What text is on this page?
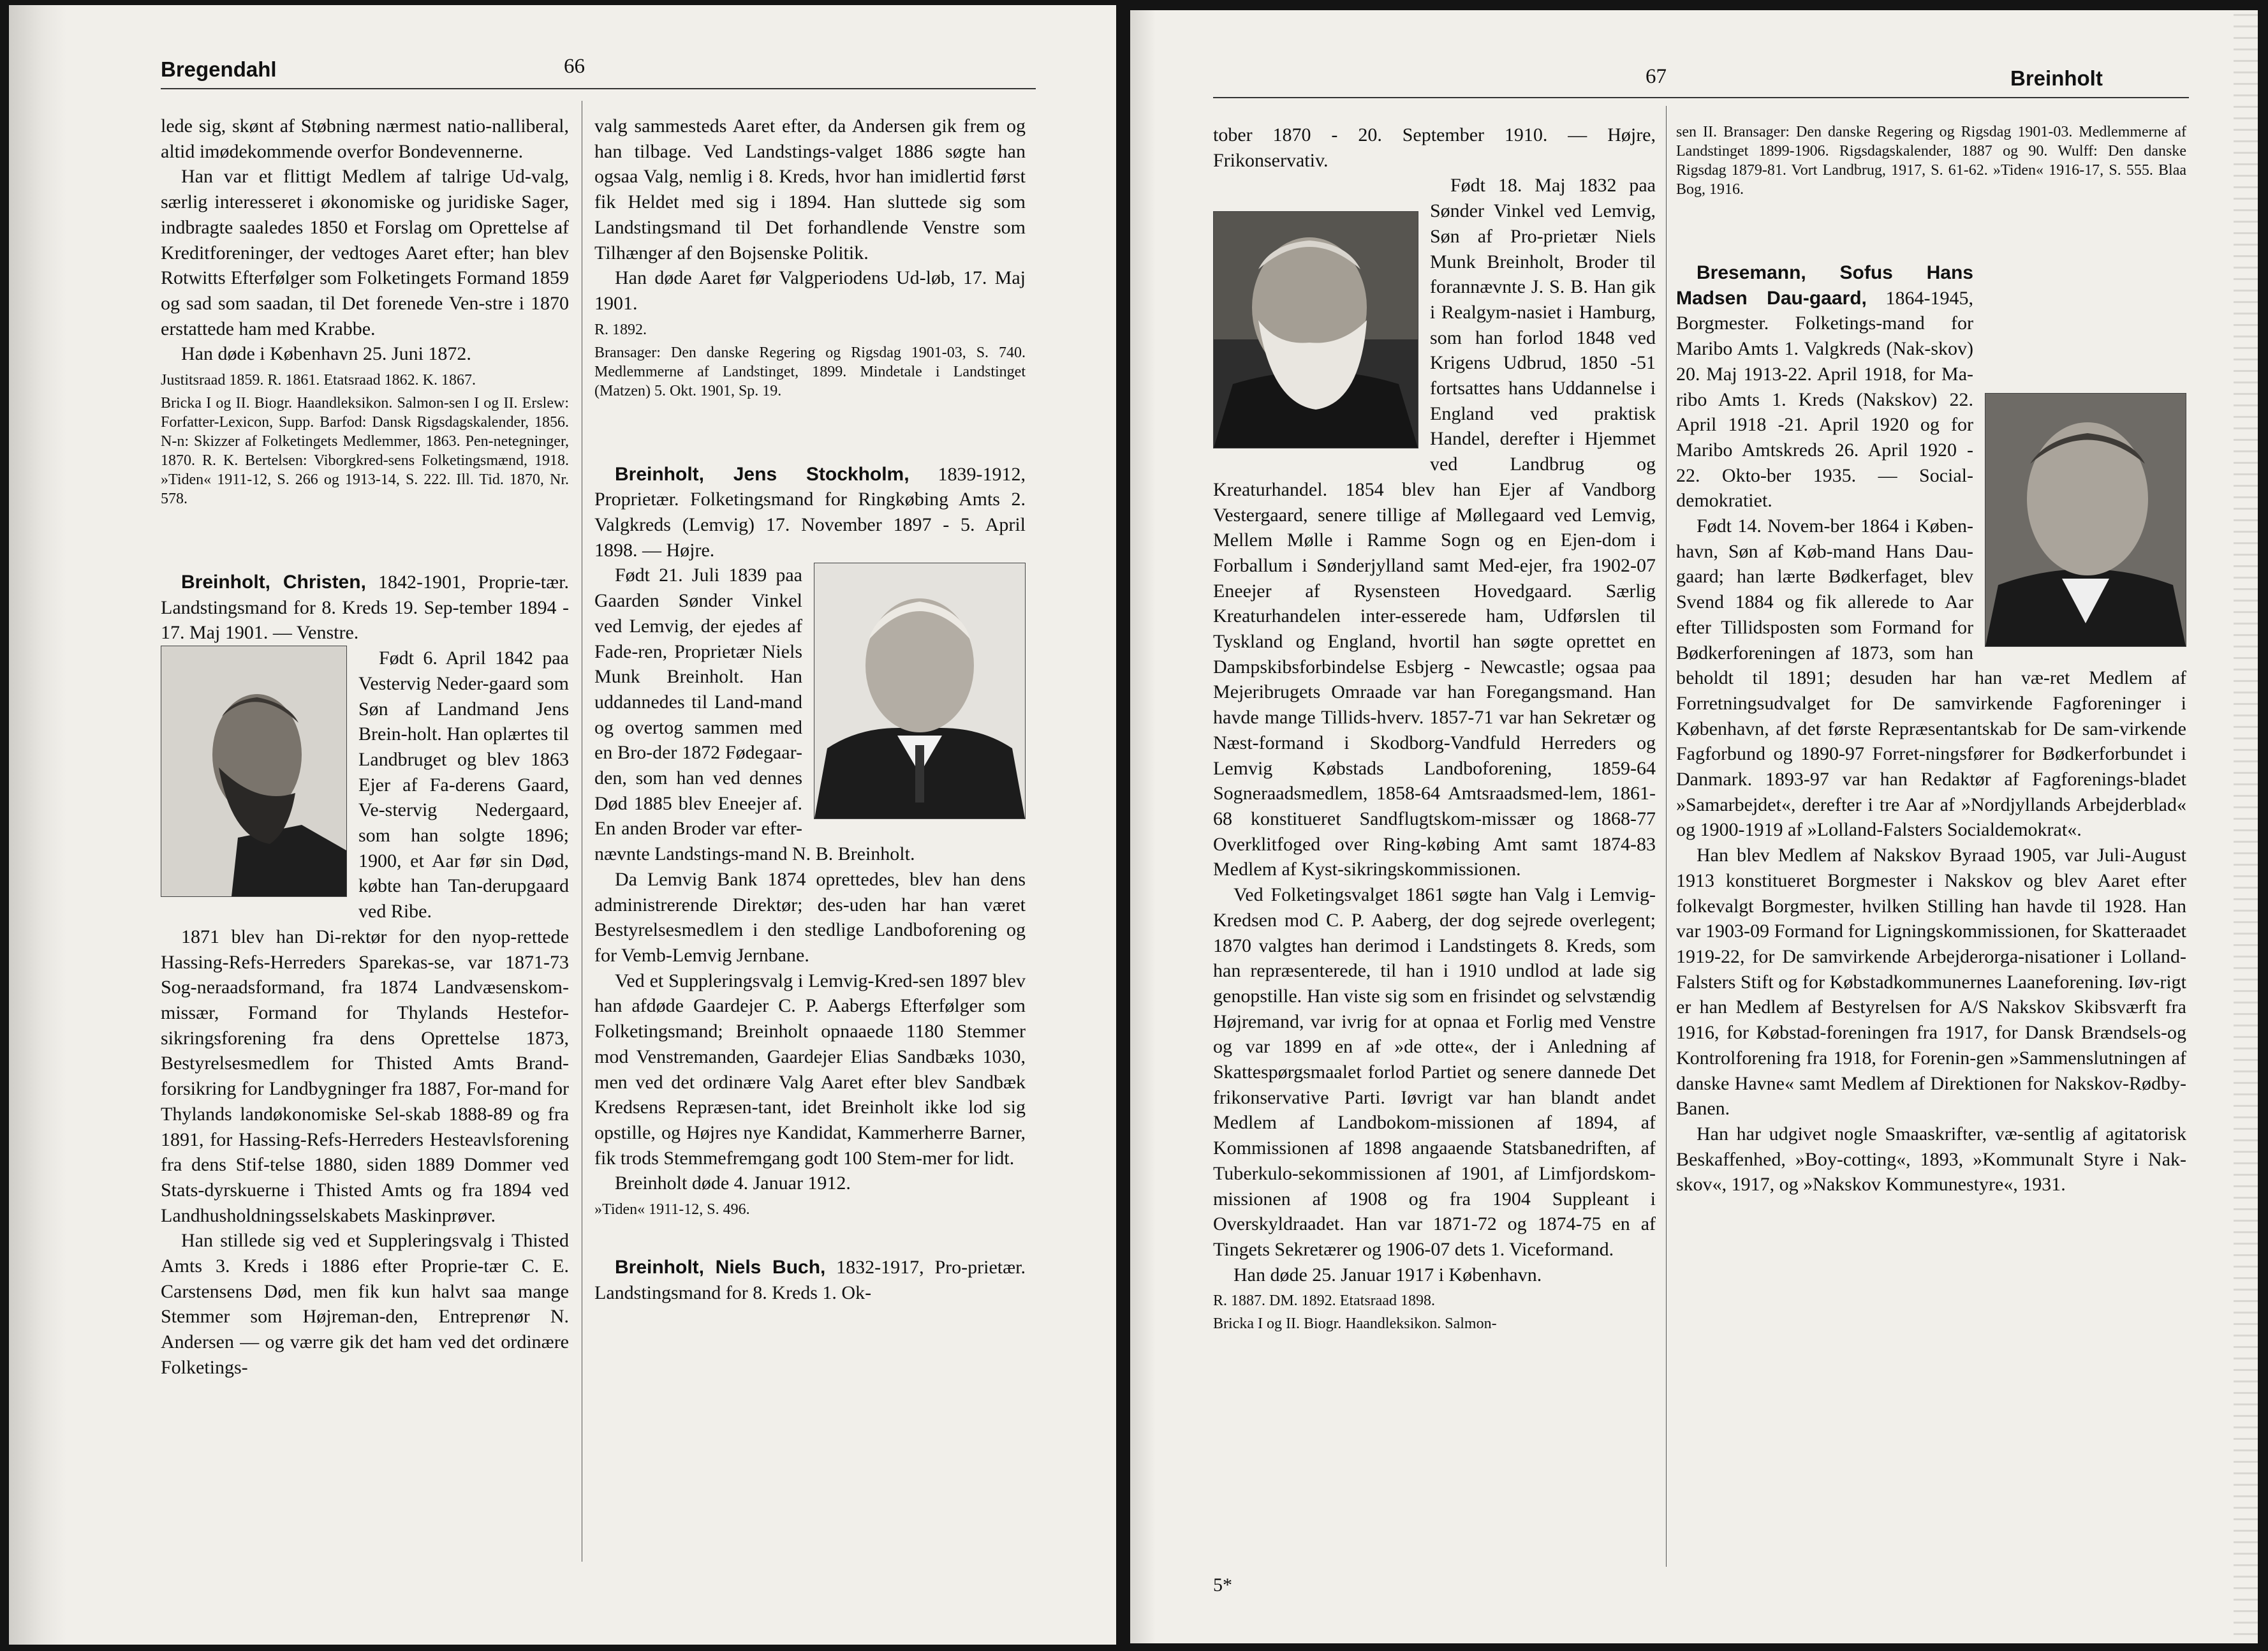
Bregendahl	66

lede sig, skønt af Støbning nærmest natio-nalliberal, altid imødekommende overfor Bondevennerne.

Han var et flittigt Medlem af talrige Ud-valg, særlig interesseret i økonomiske og juridiske Sager, indbragte saaledes 1850 et Forslag om Oprettelse af Kreditforeninger, der vedtoges Aaret efter; han blev Rotwitts Efterfølger som Folketingets Formand 1859 og sad som saadan, til Det forenede Ven-stre i 1870 erstattede ham med Krabbe.

Han døde i København 25. Juni 1872.

Justitsraad 1859. R. 1861. Etatsraad 1862. K. 1867.

Bricka I og II. Biogr. Haandleksikon. Salmon-sen I og II. Erslew: Forfatter-Lexicon, Supp. Barfod: Dansk Rigsdagskalender, 1856. N-n: Skizzer af Folketingets Medlemmer, 1863. Pen-netegninger, 1870. R. K. Bertelsen: Viborgkred-sens Folketingsmænd, 1918. »Tiden« 1911-12, S. 266 og 1913-14, S. 222. Ill. Tid. 1870, Nr. 578.

Breinholt, Christen, 1842-1901, Proprie-tær. Landstingsmand for 8. Kreds 19. Sep-tember 1894 - 17. Maj 1901. — Venstre.

Født 6. April 1842 paa Vestervig Neder-gaard som Søn af Landmand Jens Brein-holt. Han oplærtes til Landbruget og blev 1863 Ejer af Fa-derens Gaard, Ve-stervig Nedergaard, som han solgte 1896; 1900, et Aar før sin Død, købte han Tan-derupgaard ved Ribe.

1871 blev han Di-rektør for den nyop-rettede Hassing-Refs-Herreders Sparekas-se, var 1871-73 Sog-neraadsformand, fra 1874 Landvæsenskom-missær, Formand for Thylands Hestefor-sikringsforening fra dens Oprettelse 1873, Bestyrelsesmedlem for Thisted Amts Brand-forsikring for Landbygninger fra 1887, For-mand for Thylands landøkonomiske Sel-skab 1888-89 og fra 1891, for Hassing-Refs-Herreders Hesteavlsforening fra dens Stif-telse 1880, siden 1889 Dommer ved Stats-dyrskuerne i Thisted Amts og fra 1894 ved Landhusholdningsselskabets Maskinprøver.

Han stillede sig ved et Suppleringsvalg i Thisted Amts 3. Kreds i 1886 efter Proprie-tær C. E. Carstensens Død, men fik kun halvt saa mange Stemmer som Højreman-den, Entreprenør N. Andersen — og værre gik det ham ved det ordinære Folketings-

valg sammesteds Aaret efter, da Andersen gik frem og han tilbage. Ved Landstings-valget 1886 søgte han ogsaa Valg, nemlig i 8. Kreds, hvor han imidlertid først fik Heldet med sig i 1894. Han sluttede sig som Landstingsmand til Det forhandlende Venstre som Tilhænger af den Bojsenske Politik.

Han døde Aaret før Valgperiodens Ud-løb, 17. Maj 1901.

R. 1892.

Bransager: Den danske Regering og Rigsdag 1901-03, S. 740. Medlemmerne af Landstinget, 1899. Mindetale i Landstinget (Matzen) 5. Okt. 1901, Sp. 19.

Breinholt, Jens Stockholm, 1839-1912, Proprietær. Folketingsmand for Ringkøbing Amts 2. Valgkreds (Lemvig) 17. November 1897 - 5. April 1898. — Højre.

Født 21. Juli 1839 paa Gaarden Sønder Vinkel ved Lemvig, der ejedes af Fade-ren, Proprietær Niels Munk Breinholt. Han uddannedes til Land-mand og overtog sammen med en Bro-der 1872 Fødegaar-den, som han ved dennes Død 1885 blev Eneejer af. En anden Broder var efter-nævnte Landstings-mand N. B. Breinholt.

Da Lemvig Bank 1874 oprettedes, blev han dens administrerende Direktør; des-uden har han været Bestyrelsesmedlem i den stedlige Landboforening og for Vemb-Lemvig Jernbane.

Ved et Suppleringsvalg i Lemvig-Kred-sen 1897 blev han afdøde Gaardejer C. P. Aabergs Efterfølger som Folketingsmand; Breinholt opnaaede 1180 Stemmer mod Venstremanden, Gaardejer Elias Sandbæks 1030, men ved det ordinære Valg Aaret efter blev Sandbæk Kredsens Repræsen-tant, idet Breinholt ikke lod sig opstille, og Højres nye Kandidat, Kammerherre Barner, fik trods Stemmefremgang godt 100 Stem-mer for lidt.

Breinholt døde 4. Januar 1912.

»Tiden« 1911-12, S. 496.

Breinholt, Niels Buch, 1832-1917, Pro-prietær. Landstingsmand for 8. Kreds 1. Ok-

67	Breinholt

tober 1870 - 20. September 1910. — Højre, Frikonservativ.

Født 18. Maj 1832 paa Sønder Vinkel ved Lemvig, Søn af Pro-prietær Niels Munk Breinholt, Broder til forannævnte J. S. B. Han gik i Realgym-nasiet i Hamburg, som han forlod 1848 ved Krigens Udbrud, 1850 -51 fortsattes hans Uddannelse i England ved praktisk Handel, derefter i Hjemmet ved Landbrug og Kreaturhandel. 1854 blev han Ejer af Vandborg Vestergaard, senere tillige af Møllegaard ved Lemvig, Mellem Mølle i Ramme Sogn og en Ejen-dom i Forballum i Sønderjylland samt Med-ejer, fra 1902-07 Eneejer af Rysensteen Hovedgaard. Særlig Kreaturhandelen inter-esserede ham, Udførslen til Tyskland og England, hvortil han søgte oprettet en Dampskibsforbindelse Esbjerg - Newcastle; ogsaa paa Mejeribrugets Omraade var han Foregangsmand. Han havde mange Tillids-hverv. 1857-71 var han Sekretær og Næst-formand i Skodborg-Vandfuld Herreders og Lemvig Købstads Landboforening, 1859-64 Sogneraadsmedlem, 1858-64 Amtsraadsmed-lem, 1861-68 konstitueret Sandflugtskom-missær og 1868-77 Overklitfoged over Ring-købing Amt samt 1874-83 Medlem af Kyst-sikringskommissionen.

Ved Folketingsvalget 1861 søgte han Valg i Lemvig-Kredsen mod C. P. Aaberg, der dog sejrede overlegent; 1870 valgtes han derimod i Landstingets 8. Kreds, som han repræsenterede, til han i 1910 undlod at lade sig genopstille. Han viste sig som en frisindet og selvstændig Højremand, var ivrig for at opnaa et Forlig med Venstre og var 1899 en af »de otte«, der i Anledning af Skattespørgsmaalet forlod Partiet og senere dannede Det frikonservative Parti. Iøvrigt var han blandt andet Medlem af Landbokom-missionen af 1894, af Kommissionen af 1898 angaaende Statsbanedriften, af Tuberkulo-sekommissionen af 1901, af Limfjordskom-missionen af 1908 og fra 1904 Suppleant i Overskyldraadet. Han var 1871-72 og 1874-75 en af Tingets Sekretærer og 1906-07 dets 1. Viceformand.

Han døde 25. Januar 1917 i København.

R. 1887. DM. 1892. Etatsraad 1898.

Bricka I og II. Biogr. Haandleksikon. Salmon-

sen II. Bransager: Den danske Regering og Rigsdag 1901-03. Medlemmerne af Landstinget 1899-1906. Rigsdagskalender, 1887 og 90. Wulff: Den danske Rigsdag 1879-81. Vort Landbrug, 1917, S. 61-62. »Tiden« 1916-17, S. 555. Blaa Bog, 1916.

Bresemann, Sofus Hans Madsen Dau-gaard, 1864-1945, Borgmester. Folketings-mand for Maribo Amts 1. Valgkreds (Nak-skov) 20. Maj 1913-22. April 1918, for Ma-ribo Amts 1. Kreds (Nakskov) 22. April 1918 -21. April 1920 og for Maribo Amtskreds 26. April 1920 - 22. Okto-ber 1935. — Social-demokratiet.

Født 14. Novem-ber 1864 i Køben-havn, Søn af Køb-mand Hans Dau-gaard; han lærte Bødkerfaget, blev Svend 1884 og fik allerede to Aar efter Tillidsposten som Formand for Bødkerforeningen af 1873, som han beholdt til 1891; desuden har han væ-ret Medlem af Forretningsudvalget for De samvirkende Fagforeninger i København, af det første Repræsentantskab for De sam-virkende Fagforbund og 1890-97 Forret-ningsfører for Bødkerforbundet i Danmark. 1893-97 var han Redaktør af Fagforenings-bladet »Samarbejdet«, derefter i tre Aar af »Nordjyllands Arbejderblad« og 1900-1919 af »Lolland-Falsters Socialdemokrat«.

Han blev Medlem af Nakskov Byraad 1905, var Juli-August 1913 konstitueret Borgmester i Nakskov og blev Aaret efter folkevalgt Borgmester, hvilken Stilling han havde til 1928. Han var 1903-09 Formand for Ligningskommissionen, for Skatteraadet 1919-22, for De samvirkende Arbejderorga-nisationer i Lolland-Falsters Stift og for Købstadkommunernes Laaneforening. Iøv-rigt er han Medlem af Bestyrelsen for A/S Nakskov Skibsværft fra 1916, for Købstad-foreningen fra 1917, for Dansk Brændsels-og Kontrolforening fra 1918, for Forenin-gen »Sammenslutningen af danske Havne« samt Medlem af Direktionen for Nakskov-Rødby-Banen.

Han har udgivet nogle Smaaskrifter, væ-sentlig af agitatorisk Beskaffenhed, »Boy-cotting«, 1893, »Kommunalt Styre i Nak-skov«, 1917, og »Nakskov Kommunestyre«, 1931.

5*
